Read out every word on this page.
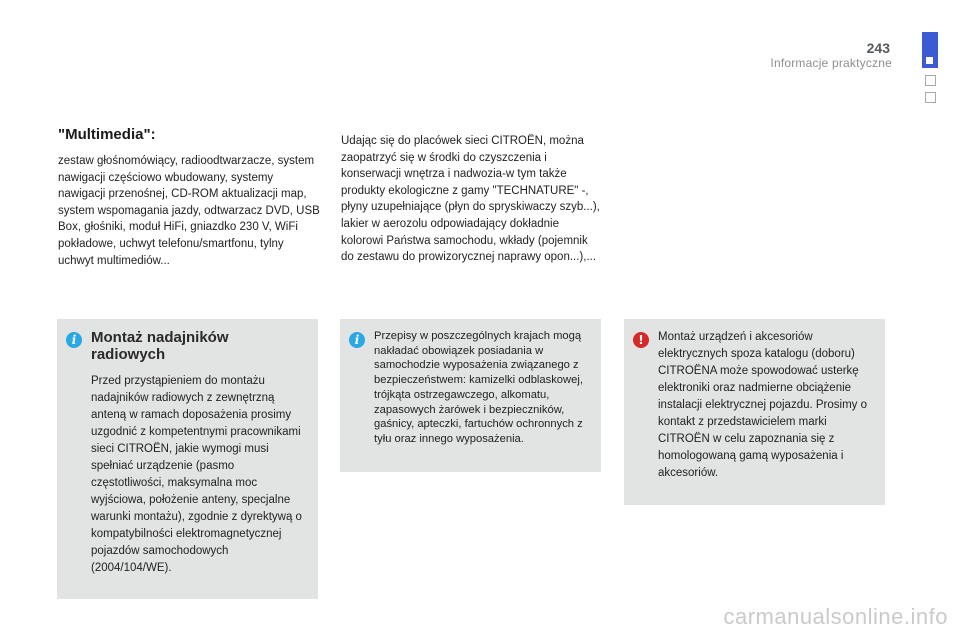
243

Informacje praktyczne

"Multimedia":

zestaw głośnomówiący, radioodtwarzacze, system nawigacji częściowo wbudowany, systemy nawigacji przenośnej, CD-ROM aktualizacji map, system wspomagania jazdy, odtwarzacz DVD, USB Box, głośniki, moduł HiFi, gniazdko 230 V, WiFi pokładowe, uchwyt telefonu/smartfonu, tylny uchwyt multimediów...

Udając się do placówek sieci CITROËN, można zaopatrzyć się w środki do czyszczenia i konserwacji wnętrza i nadwozia-w tym także produkty ekologiczne z gamy "TECHNATURE" -, płyny uzupełniające (płyn do spryskiwaczy szyb...), lakier w aerozolu odpowiadający dokładnie kolorowi Państwa samochodu, wkłady (pojemnik do zestawu do prowizorycznej naprawy opon...),...

i Montaż nadajników radiowych

Przed przystąpieniem do montażu nadajników radiowych z zewnętrzną anteną w ramach doposażenia prosimy uzgodnić z kompetentnymi pracownikami sieci CITROËN, jakie wymogi musi spełniać urządzenie (pasmo częstotliwości, maksymalna moc wyjściowa, położenie anteny, specjalne warunki montażu), zgodnie z dyrektywą o kompatybilności elektromagnetycznej pojazdów samochodowych (2004/104/WE).

i	Przepisy w poszczególnych krajach mogą nakładać obowiązek posiadania w samochodzie wyposażenia związanego z bezpieczeństwem: kamizelki odblaskowej, trójkąta ostrzegawczego, alkomatu, zapasowych żarówek i bezpieczników, gaśnicy, apteczki, fartuchów ochronnych z tyłu oraz innego wyposażenia.

!	Montaż urządzeń i akcesoriów elektrycznych spoza katalogu (doboru) CITROËNA może spowodować usterkę elektroniki oraz nadmierne obciążenie instalacji elektrycznej pojazdu. Prosimy o kontakt z przedstawicielem marki CITROËN w celu zapoznania się z homologowaną gamą wyposażenia i akcesoriów.

carmanualsonline.info
